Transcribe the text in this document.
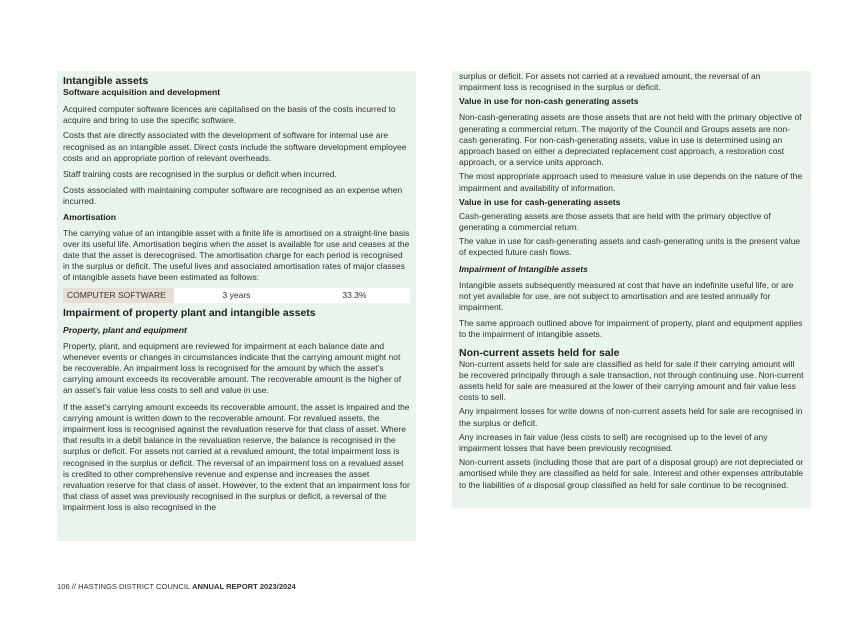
Intangible assets
Software acquisition and development

Acquired computer software licences are capitalised on the basis of the costs incurred to acquire and bring to use the specific software.

Costs that are directly associated with the development of software for internal use are recognised as an intangible asset. Direct costs include the software development employee costs and an appropriate portion of relevant overheads.

Staff training costs are recognised in the surplus or deficit when incurred.

Costs associated with maintaining computer software are recognised as an expense when incurred.

Amortisation

The carrying value of an intangible asset with a finite life is amortised on a straight-line basis over its useful life. Amortisation begins when the asset is available for use and ceases at the date that the asset is derecognised. The amortisation charge for each period is recognised in the surplus or deficit. The useful lives and associated amortisation rates of major classes of intangible assets have been estimated as follows:

COMPUTER SOFTWARE	3 years	33.3%
Impairment of property plant and intangible assets
Property, plant and equipment

Property, plant, and equipment are reviewed for impairment at each balance date and whenever events or changes in circumstances indicate that the carrying amount might not be recoverable. An impairment loss is recognised for the amount by which the asset’s carrying amount exceeds its recoverable amount. The recoverable amount is the higher of an asset’s fair value less costs to sell and value in use.

If the asset's carrying amount exceeds its recoverable amount, the asset is impaired and the carrying amount is written down to the recoverable amount. For revalued assets, the impairment loss is recognised against the revaluation reserve for that class of asset. Where that results in a debit balance in the revaluation reserve, the balance is recognised in the surplus or deficit. For assets not carried at a revalued amount, the total impairment loss is recognised in the surplus or deficit. The reversal of an impairment loss on a revalued asset is credited to other comprehensive revenue and expense and increases the asset revaluation reserve for that class of asset. However, to the extent that an impairment loss for that class of asset was previously recognised in the surplus or deficit, a reversal of the impairment loss is also recognised in the

surplus or deficit. For assets not carried at a revalued amount, the reversal of an impairment loss is recognised in the surplus or deficit.

Value in use for non-cash generating assets

Non-cash-generating assets are those assets that are not held with the primary objective of generating a commercial return. The majority of the Council and Groups assets are non-cash generating. For non-cash-generating assets, value in use is determined using an approach based on either a depreciated replacement cost approach, a restoration cost approach, or a service units approach.

The most appropriate approach used to measure value in use depends on the nature of the impairment and availability of information.

Value in use for cash-generating assets

Cash-generating assets are those assets that are held with the primary objective of generating a commercial return.

The value in use for cash-generating assets and cash-generating units is the present value of expected future cash flows.

Impairment of Intangible assets

Intangible assets subsequently measured at cost that have an indefinite useful life, or are not yet available for use, are not subject to amortisation and are tested annually for impairment.

The same approach outlined above for impairment of property, plant and equipment applies to the impairment of intangible assets.

Non-current assets held for sale

Non-current assets held for sale are classified as held for sale if their carrying amount will be recovered principally through a sale transaction, not through continuing use. Non-current assets held for sale are measured at the lower of their carrying amount and fair value less costs to sell.

Any impairment losses for write downs of non-current assets held for sale are recognised in the surplus or deficit.

Any increases in fair value (less costs to sell) are recognised up to the level of any impairment losses that have been previously recognised.

Non-current assets (including those that are part of a disposal group) are not depreciated or amortised while they are classified as held for sale. Interest and other expenses attributable to the liabilities of a disposal group classified as held for sale continue to be recognised.

106 // HASTINGS DISTRICT COUNCIL ANNUAL REPORT 2023/2024
